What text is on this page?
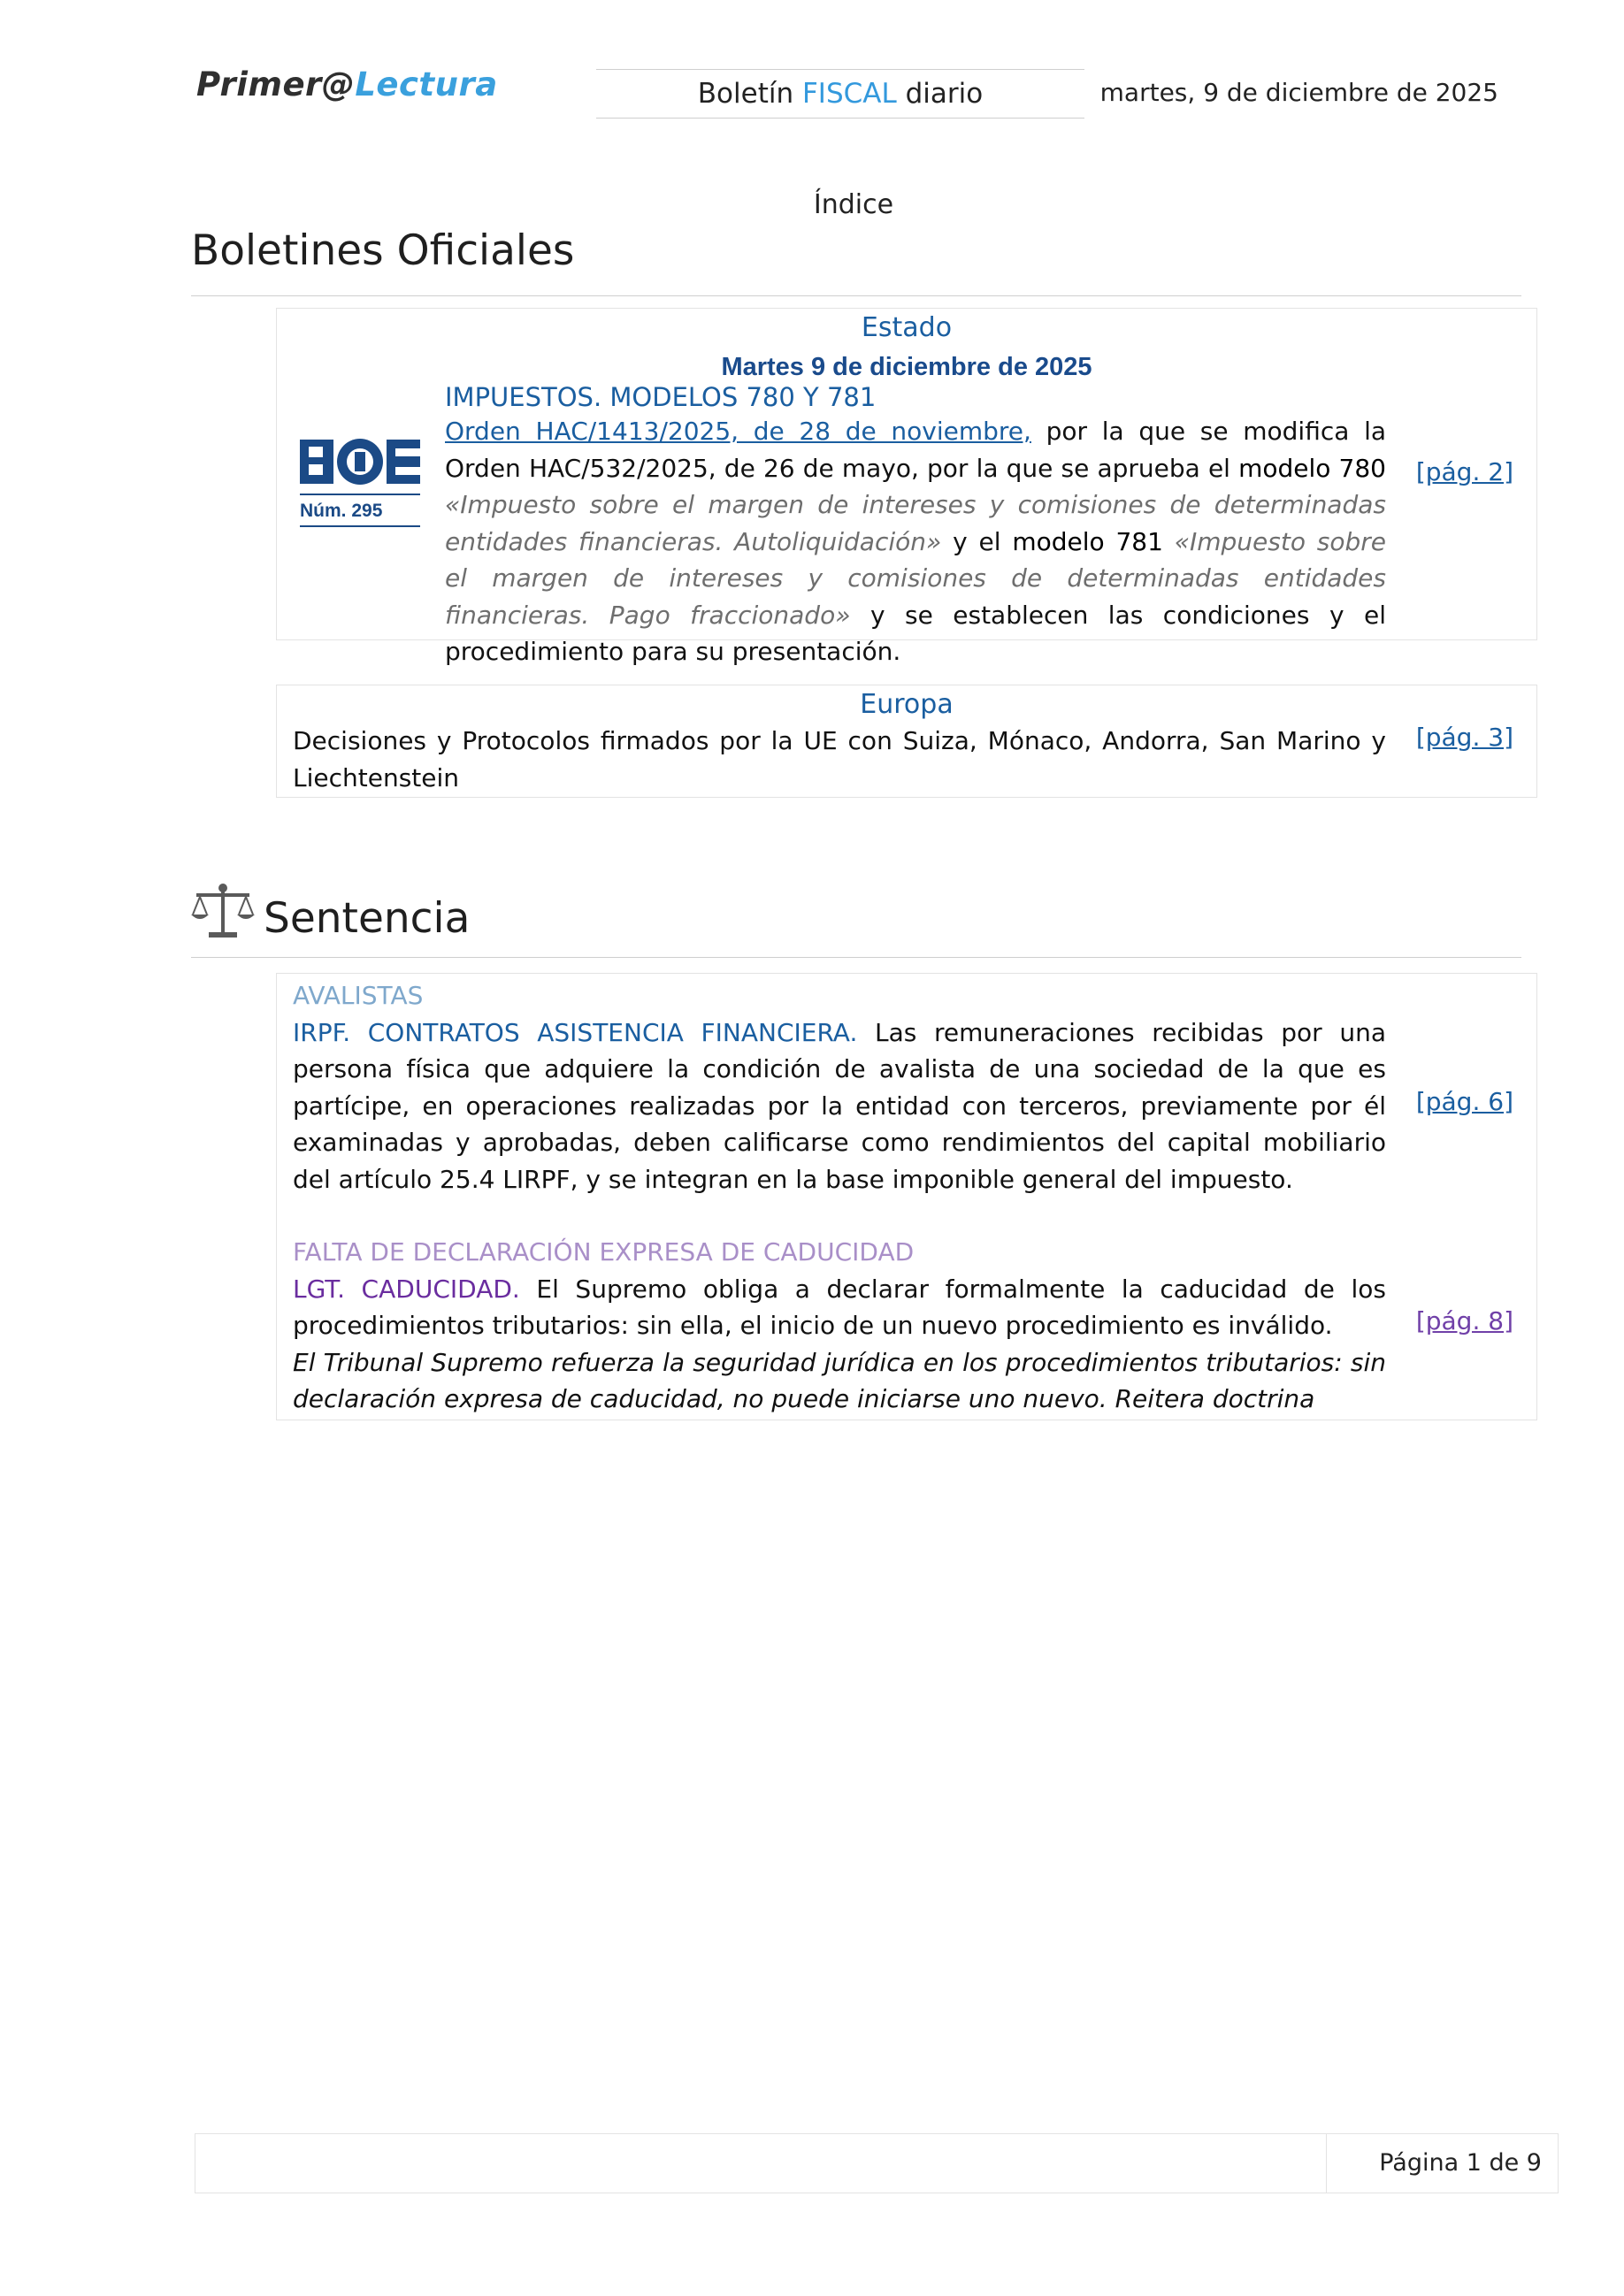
Primer@Lectura	Boletín FISCAL diario	martes, 9 de diciembre de 2025
Índice
Boletines Oficiales
Estado
Martes 9 de diciembre de 2025
Núm. 295
IMPUESTOS. MODELOS 780 Y 781
Orden HAC/1413/2025, de 28 de noviembre, por la que se modifica la Orden HAC/532/2025, de 26 de mayo, por la que se aprueba el modelo 780 «Impuesto sobre el margen de intereses y comisiones de determinadas entidades financieras. Autoliquidación» y el modelo 781 «Impuesto sobre el margen de intereses y comisiones de determinadas entidades financieras. Pago fraccionado» y se establecen las condiciones y el procedimiento para su presentación.
[pág. 2]
Europa
Decisiones y Protocolos firmados por la UE con Suiza, Mónaco, Andorra, San Marino y Liechtenstein
[pág. 3]
Sentencia
AVALISTAS
IRPF. CONTRATOS ASISTENCIA FINANCIERA. Las remuneraciones recibidas por una persona física que adquiere la condición de avalista de una sociedad de la que es partícipe, en operaciones realizadas por la entidad con terceros, previamente por él examinadas y aprobadas, deben calificarse como rendimientos del capital mobiliario del artículo 25.4 LIRPF, y se integran en la base imponible general del impuesto.
[pág. 6]
FALTA DE DECLARACIÓN EXPRESA DE CADUCIDAD
LGT. CADUCIDAD. El Supremo obliga a declarar formalmente la caducidad de los procedimientos tributarios: sin ella, el inicio de un nuevo procedimiento es inválido.
El Tribunal Supremo refuerza la seguridad jurídica en los procedimientos tributarios: sin declaración expresa de caducidad, no puede iniciarse uno nuevo. Reitera doctrina
[pág. 8]
Página 1 de 9
